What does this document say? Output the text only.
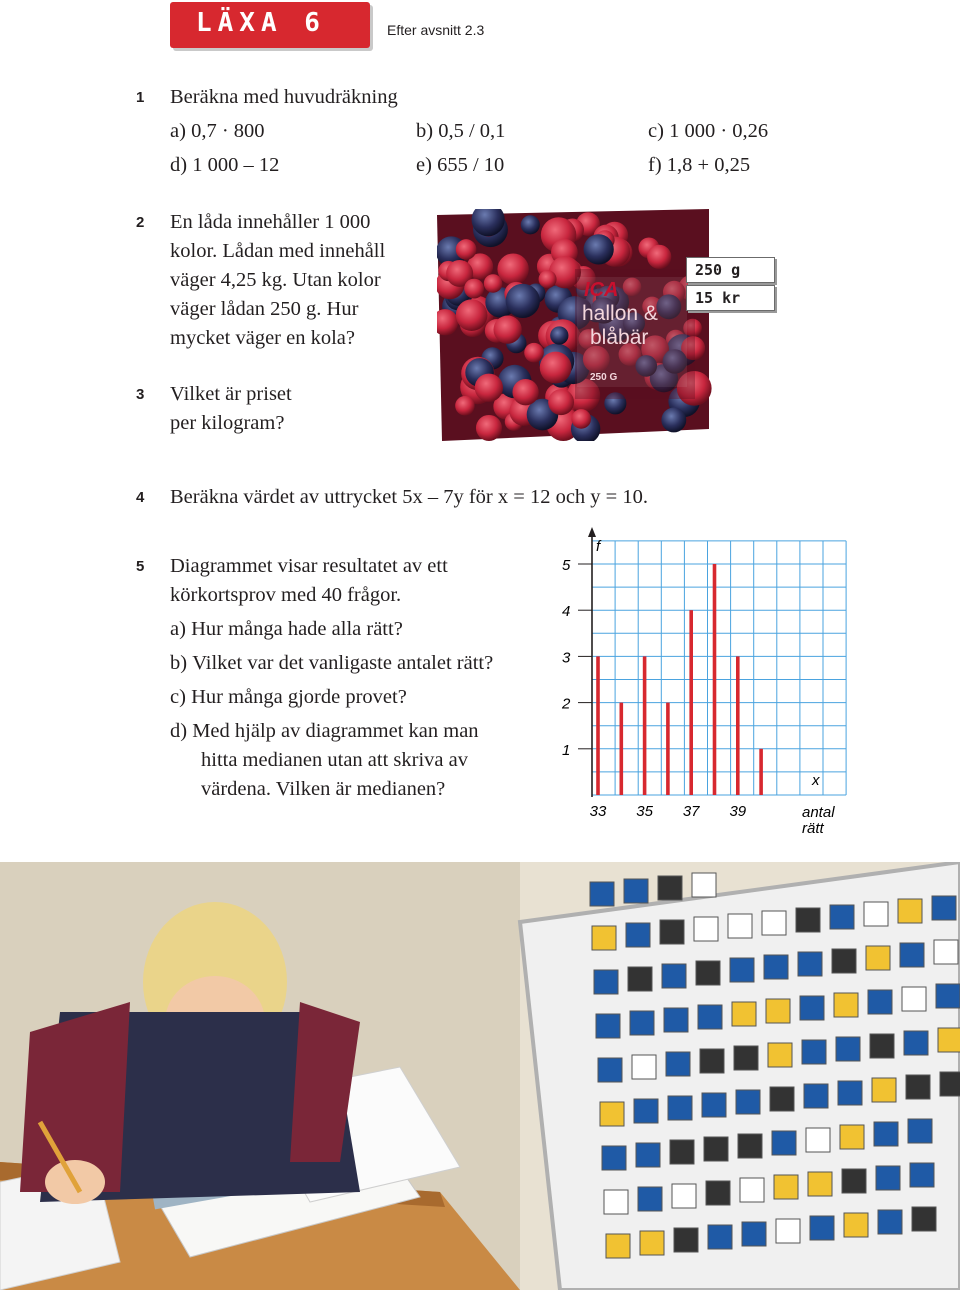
LÄXA 6	Efter avsnitt 2.3
1 Beräkna med huvudräkning
a) 0,7 · 800	b) 0,5 / 0,1	c) 1 000 · 0,26
d) 1 000 – 12	e) 655 / 10	f) 1,8 + 0,25
2 En låda innehåller 1 000
kolor. Lådan med innehåll
väger 4,25 kg. Utan kolor
väger lådan 250 g. Hur
mycket väger en kola?
3 Vilket är priset
per kilogram?
ICA
hallon &
blåbär
250 G
250 g
15 kr
4 Beräkna värdet av uttrycket 5x – 7y för x = 12 och y = 10.
5 Diagrammet visar resultatet av ett
körkortsprov med 40 frågor.
a) Hur många hade alla rätt?
b) Vilket var det vanligaste antalet rätt?
c) Hur många gjorde provet?
d) Med hjälp av diagrammet kan man
hitta medianen utan att skriva av
värdena. Vilken är medianen?
1
2
3
4
5
33 35 37 39
f
x
antal
rätt
